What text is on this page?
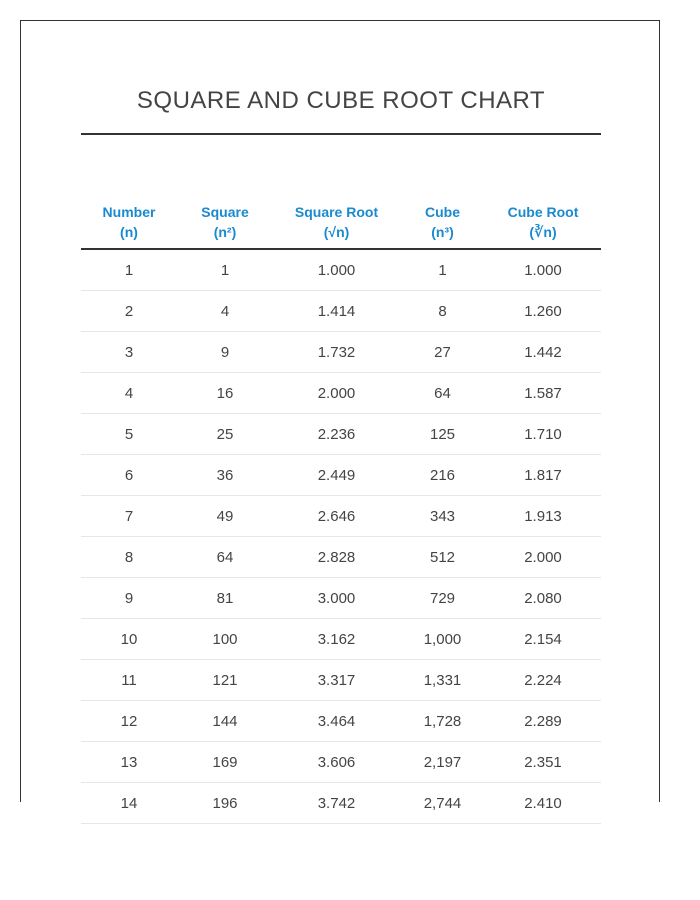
SQUARE AND CUBE ROOT CHART
Number
(n)	Square
(n²)	Square Root
(√n)	Cube
(n³)	Cube Root
(∛n)

1	1	1.000	1	1.000
2	4	1.414	8	1.260
3	9	1.732	27	1.442
4	16	2.000	64	1.587
5	25	2.236	125	1.710
6	36	2.449	216	1.817
7	49	2.646	343	1.913
8	64	2.828	512	2.000
9	81	3.000	729	2.080
10	100	3.162	1,000	2.154
11	121	3.317	1,331	2.224
12	144	3.464	1,728	2.289
13	169	3.606	2,197	2.351
14	196	3.742	2,744	2.410
